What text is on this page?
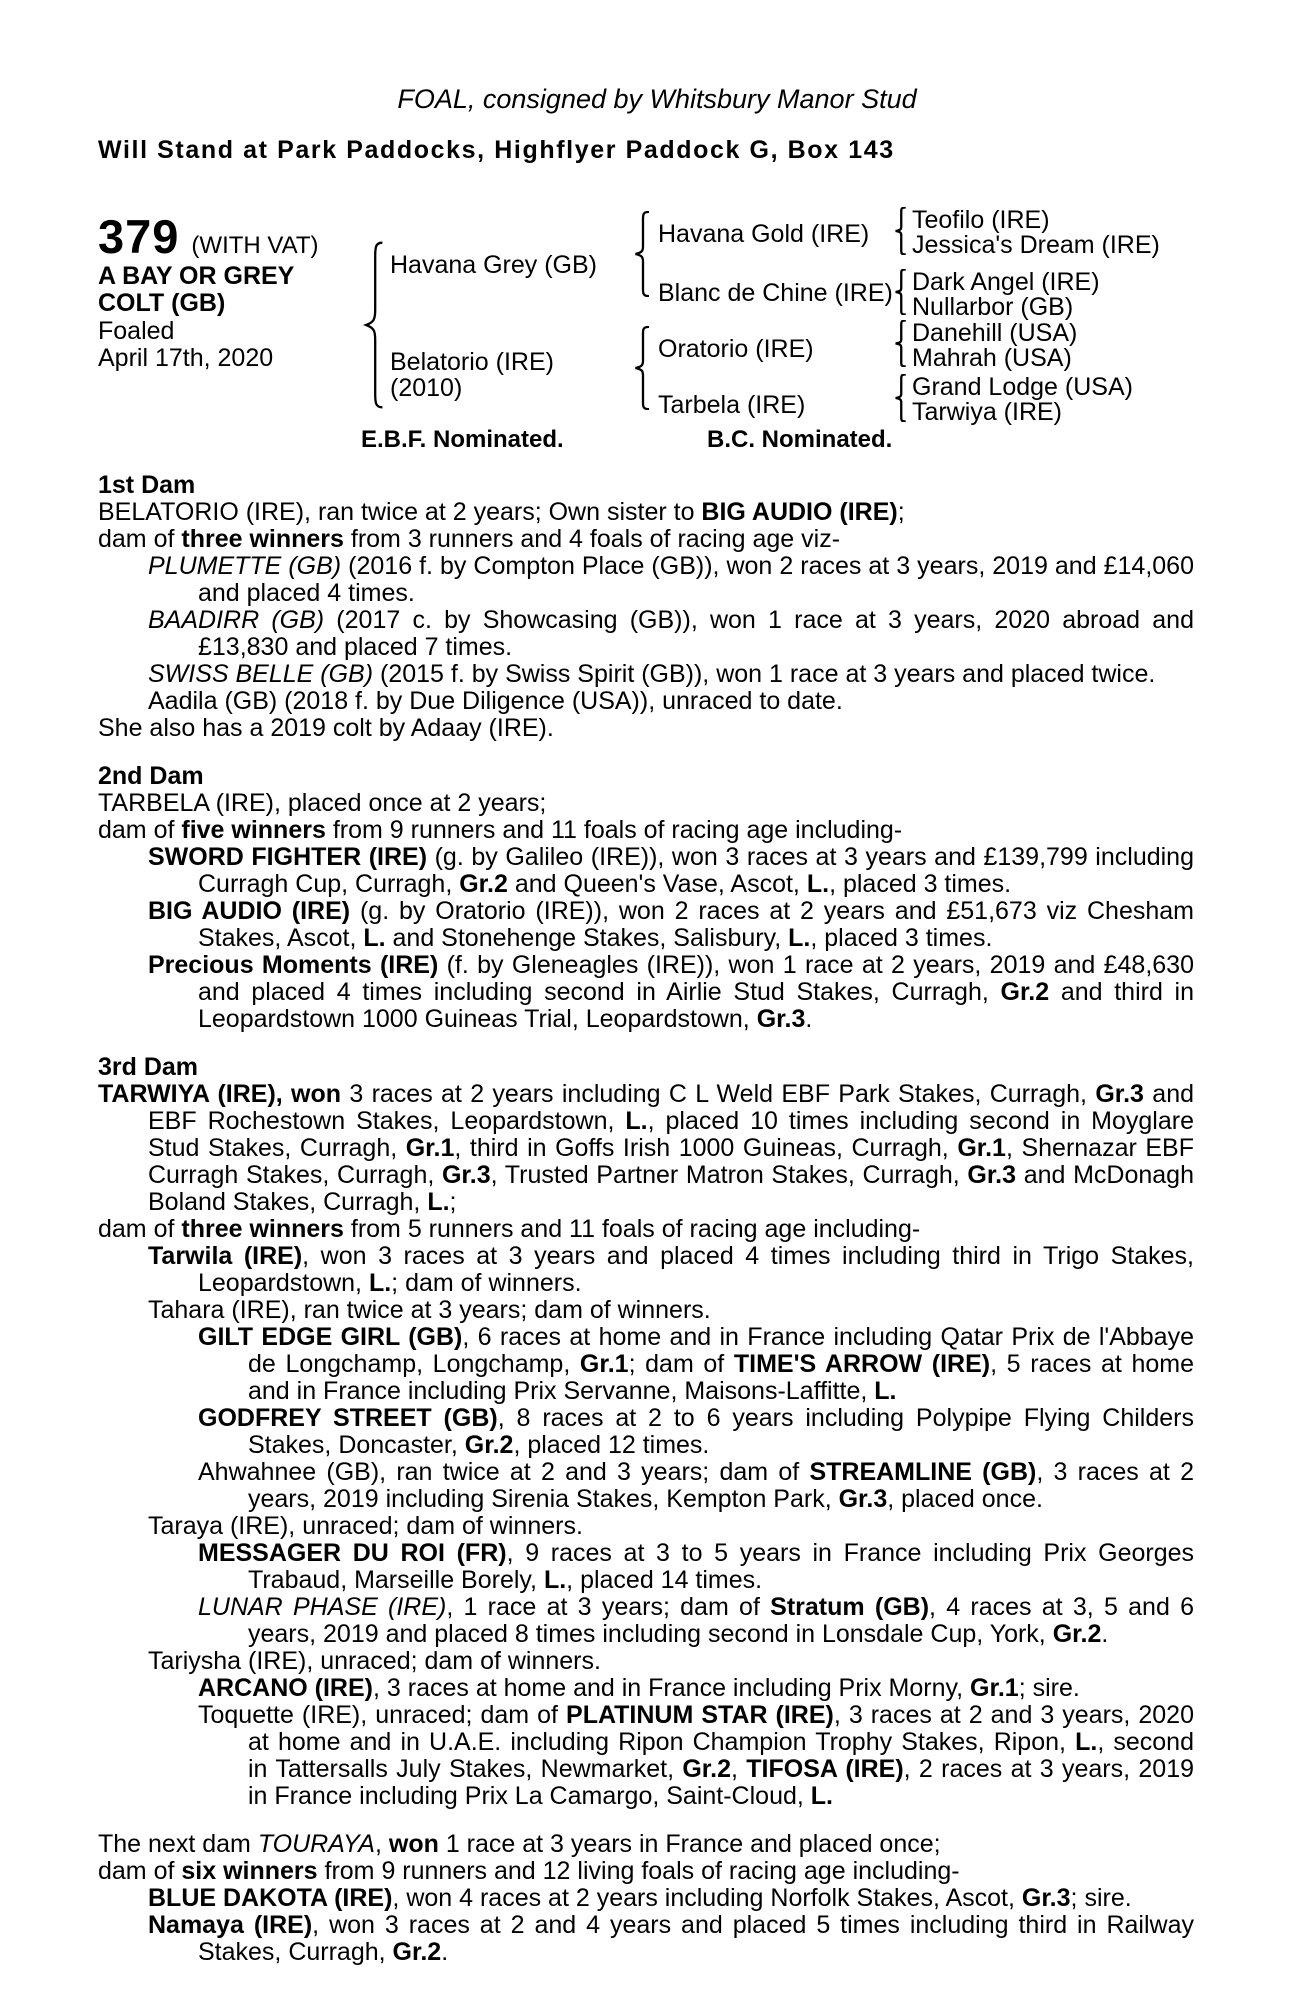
FOAL, consigned by Whitsbury Manor Stud
Will Stand at Park Paddocks, Highflyer Paddock G, Box 143
379 (WITH VAT)
A BAY OR GREY
COLT (GB)
Foaled
April 17th, 2020
Havana Grey (GB)
Belatorio (IRE)
(2010)
Havana Gold (IRE)
Blanc de Chine (IRE)
Oratorio (IRE)
Tarbela (IRE)
Teofilo (IRE)
Jessica's Dream (IRE)
Dark Angel (IRE)
Nullarbor (GB)
Danehill (USA)
Mahrah (USA)
Grand Lodge (USA)
Tarwiya (IRE)
E.B.F. Nominated.	B.C. Nominated.
1st Dam

BELATORIO (IRE), ran twice at 2 years; Own sister to BIG AUDIO (IRE);

dam of three winners from 3 runners and 4 foals of racing age viz-

PLUMETTE (GB) (2016 f. by Compton Place (GB)), won 2 races at 3 years, 2019 and £14,060 and placed 4 times.

BAADIRR (GB) (2017 c. by Showcasing (GB)), won 1 race at 3 years, 2020 abroad and £13,830 and placed 7 times.

SWISS BELLE (GB) (2015 f. by Swiss Spirit (GB)), won 1 race at 3 years and placed twice.

Aadila (GB) (2018 f. by Due Diligence (USA)), unraced to date.

She also has a 2019 colt by Adaay (IRE).

2nd Dam

TARBELA (IRE), placed once at 2 years;

dam of five winners from 9 runners and 11 foals of racing age including-

SWORD FIGHTER (IRE) (g. by Galileo (IRE)), won 3 races at 3 years and £139,799 including Curragh Cup, Curragh, Gr.2 and Queen's Vase, Ascot, L., placed 3 times.

BIG AUDIO (IRE) (g. by Oratorio (IRE)), won 2 races at 2 years and £51,673 viz Chesham Stakes, Ascot, L. and Stonehenge Stakes, Salisbury, L., placed 3 times.

Precious Moments (IRE) (f. by Gleneagles (IRE)), won 1 race at 2 years, 2019 and £48,630 and placed 4 times including second in Airlie Stud Stakes, Curragh, Gr.2 and third in Leopardstown 1000 Guineas Trial, Leopardstown, Gr.3.

3rd Dam

TARWIYA (IRE), won 3 races at 2 years including C L Weld EBF Park Stakes, Curragh, Gr.3 and EBF Rochestown Stakes, Leopardstown, L., placed 10 times including second in Moyglare Stud Stakes, Curragh, Gr.1, third in Goffs Irish 1000 Guineas, Curragh, Gr.1, Shernazar EBF Curragh Stakes, Curragh, Gr.3, Trusted Partner Matron Stakes, Curragh, Gr.3 and McDonagh Boland Stakes, Curragh, L.;

dam of three winners from 5 runners and 11 foals of racing age including-

Tarwila (IRE), won 3 races at 3 years and placed 4 times including third in Trigo Stakes, Leopardstown, L.; dam of winners.

Tahara (IRE), ran twice at 3 years; dam of winners.

GILT EDGE GIRL (GB), 6 races at home and in France including Qatar Prix de l'Abbaye de Longchamp, Longchamp, Gr.1; dam of TIME'S ARROW (IRE), 5 races at home and in France including Prix Servanne, Maisons-Laffitte, L.

GODFREY STREET (GB), 8 races at 2 to 6 years including Polypipe Flying Childers Stakes, Doncaster, Gr.2, placed 12 times.

Ahwahnee (GB), ran twice at 2 and 3 years; dam of STREAMLINE (GB), 3 races at 2 years, 2019 including Sirenia Stakes, Kempton Park, Gr.3, placed once.

Taraya (IRE), unraced; dam of winners.

MESSAGER DU ROI (FR), 9 races at 3 to 5 years in France including Prix Georges Trabaud, Marseille Borely, L., placed 14 times.

LUNAR PHASE (IRE), 1 race at 3 years; dam of Stratum (GB), 4 races at 3, 5 and 6 years, 2019 and placed 8 times including second in Lonsdale Cup, York, Gr.2.

Tariysha (IRE), unraced; dam of winners.

ARCANO (IRE), 3 races at home and in France including Prix Morny, Gr.1; sire.

Toquette (IRE), unraced; dam of PLATINUM STAR (IRE), 3 races at 2 and 3 years, 2020 at home and in U.A.E. including Ripon Champion Trophy Stakes, Ripon, L., second in Tattersalls July Stakes, Newmarket, Gr.2, TIFOSA (IRE), 2 races at 3 years, 2019 in France including Prix La Camargo, Saint-Cloud, L.

The next dam TOURAYA, won 1 race at 3 years in France and placed once;

dam of six winners from 9 runners and 12 living foals of racing age including-

BLUE DAKOTA (IRE), won 4 races at 2 years including Norfolk Stakes, Ascot, Gr.3; sire.

Namaya (IRE), won 3 races at 2 and 4 years and placed 5 times including third in Railway Stakes, Curragh, Gr.2.
